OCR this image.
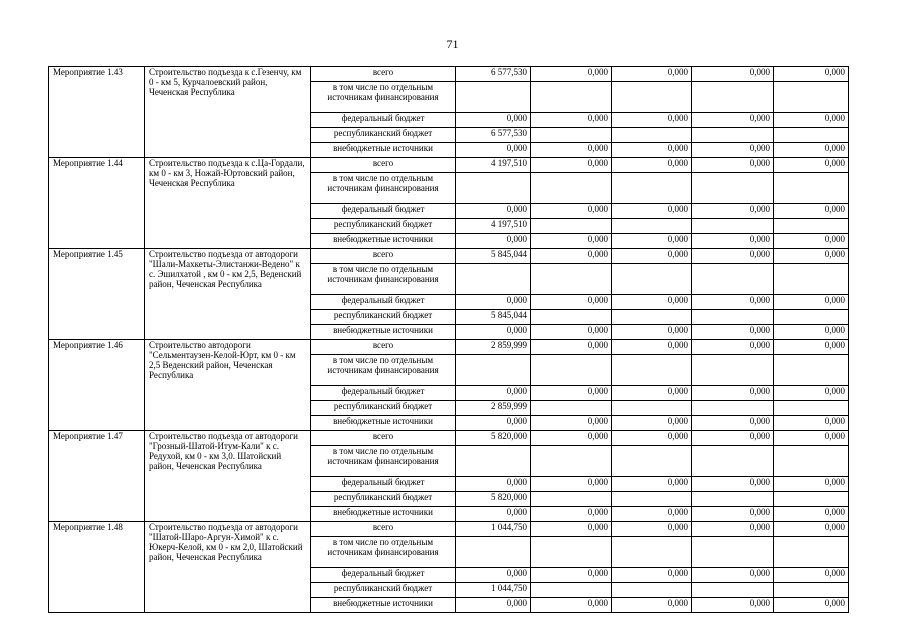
71
Мероприятие 1.43	Строительство подъезда к с.Гезенчу, км 0 - км 5, Курчалоевский район, Чеченская Республика	всего	6 577,530	0,000	0,000	0,000	0,000
		в том числе по отдельным источникам финансирования					
		федеральный бюджет	0,000	0,000	0,000	0,000	0,000
		республиканский бюджет	6 577,530				
		внебюджетные источники	0,000	0,000	0,000	0,000	0,000
Мероприятие 1.44	Строительство подъезда к с.Ца-Гордали, км 0 - км 3, Ножай-Юртовский район, Чеченская Республика	всего	4 197,510	0,000	0,000	0,000	0,000
		в том числе по отдельным источникам финансирования					
		федеральный бюджет	0,000	0,000	0,000	0,000	0,000
		республиканский бюджет	4 197,510				
		внебюджетные источники	0,000	0,000	0,000	0,000	0,000
Мероприятие 1.45	Строительство подъезда от автодороги "Шали-Махкеты-Элистанжи-Ведено" к с. Эшилхатой , км 0 - км 2,5, Веденский район, Чеченская Республика	всего	5 845,044	0,000	0,000	0,000	0,000
		в том числе по отдельным источникам финансирования					
		федеральный бюджет	0,000	0,000	0,000	0,000	0,000
		республиканский бюджет	5 845,044				
		внебюджетные источники	0,000	0,000	0,000	0,000	0,000
Мероприятие 1.46	Строительство автодороги "Сельментаузен-Келой-Юрт, км 0 - км 2,5 Веденский район, Чеченская Республика	всего	2 859,999	0,000	0,000	0,000	0,000
		в том числе по отдельным источникам финансирования					
		федеральный бюджет	0,000	0,000	0,000	0,000	0,000
		республиканский бюджет	2 859,999				
		внебюджетные источники	0,000	0,000	0,000	0,000	0,000
Мероприятие 1.47	Строительство подъезда от автодороги "Грозный-Шатой-Итум-Кали" к с. Редухой, км 0 - км 3,0. Шатойский район, Чеченская Республика	всего	5 820,000	0,000	0,000	0,000	0,000
		в том числе по отдельным источникам финансирования					
		федеральный бюджет	0,000	0,000	0,000	0,000	0,000
		республиканский бюджет	5 820,000				
		внебюджетные источники	0,000	0,000	0,000	0,000	0,000
Мероприятие 1.48	Строительство подъезда от автодороги "Шатой-Шаро-Аргун-Химой" к с. Юкерч-Келой, км 0 - км 2,0, Шатойский район, Чеченская Республика	всего	1 044,750	0,000	0,000	0,000	0,000
		в том числе по отдельным источникам финансирования					
		федеральный бюджет	0,000	0,000	0,000	0,000	0,000
		республиканский бюджет	1 044,750				
		внебюджетные источники	0,000	0,000	0,000	0,000	0,000
